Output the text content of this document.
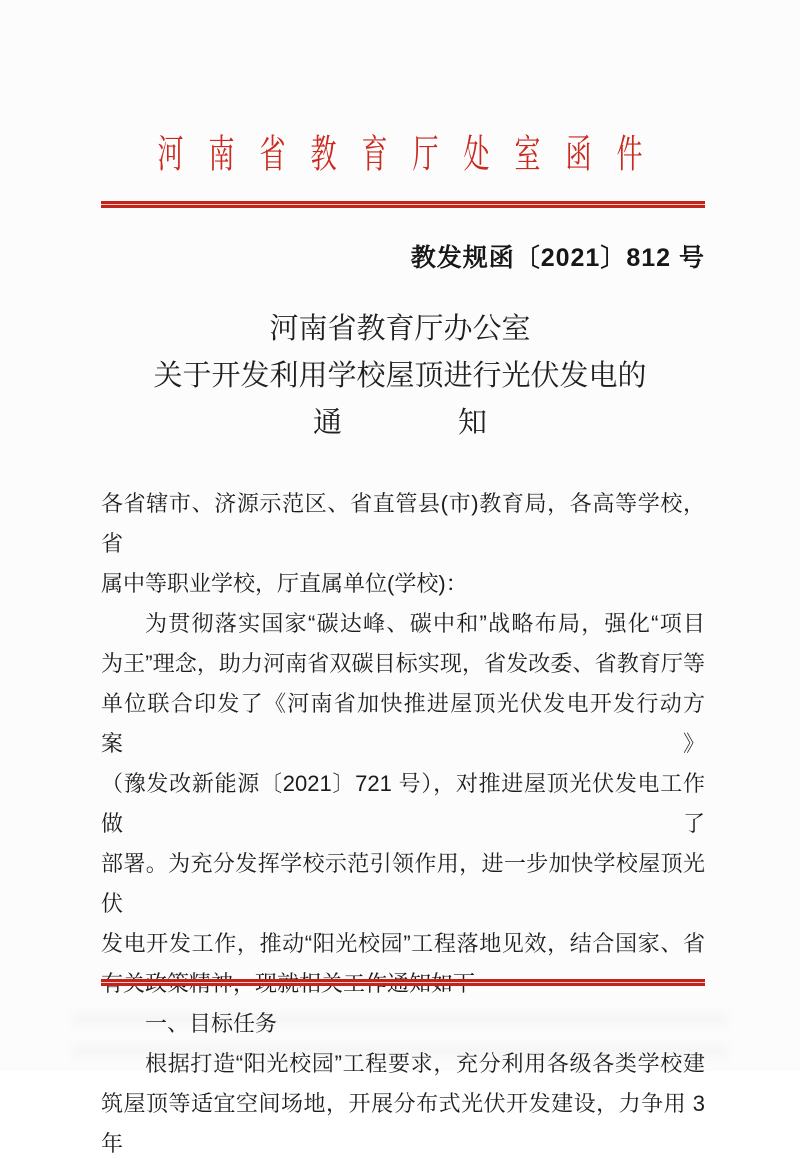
河南省教育厅处室函件
教发规函〔2021〕812 号
河南省教育厅办公室
关于开发利用学校屋顶进行光伏发电的
通　　　　知
各省辖市、济源示范区、省直管县(市)教育局，各高等学校，省
属中等职业学校，厅直属单位(学校)：
为贯彻落实国家“碳达峰、碳中和”战略布局，强化“项目
为王”理念，助力河南省双碳目标实现，省发改委、省教育厅等
单位联合印发了《河南省加快推进屋顶光伏发电开发行动方案》
（豫发改新能源〔2021〕721 号），对推进屋顶光伏发电工作做了
部署。为充分发挥学校示范引领作用，进一步加快学校屋顶光伏
发电开发工作，推动“阳光校园”工程落地见效，结合国家、省
一、目标任务
根据打造“阳光校园”工程要求，充分利用各级各类学校建
筑屋顶等适宜空间场地，开展分布式光伏开发建设，力争用 3 年
